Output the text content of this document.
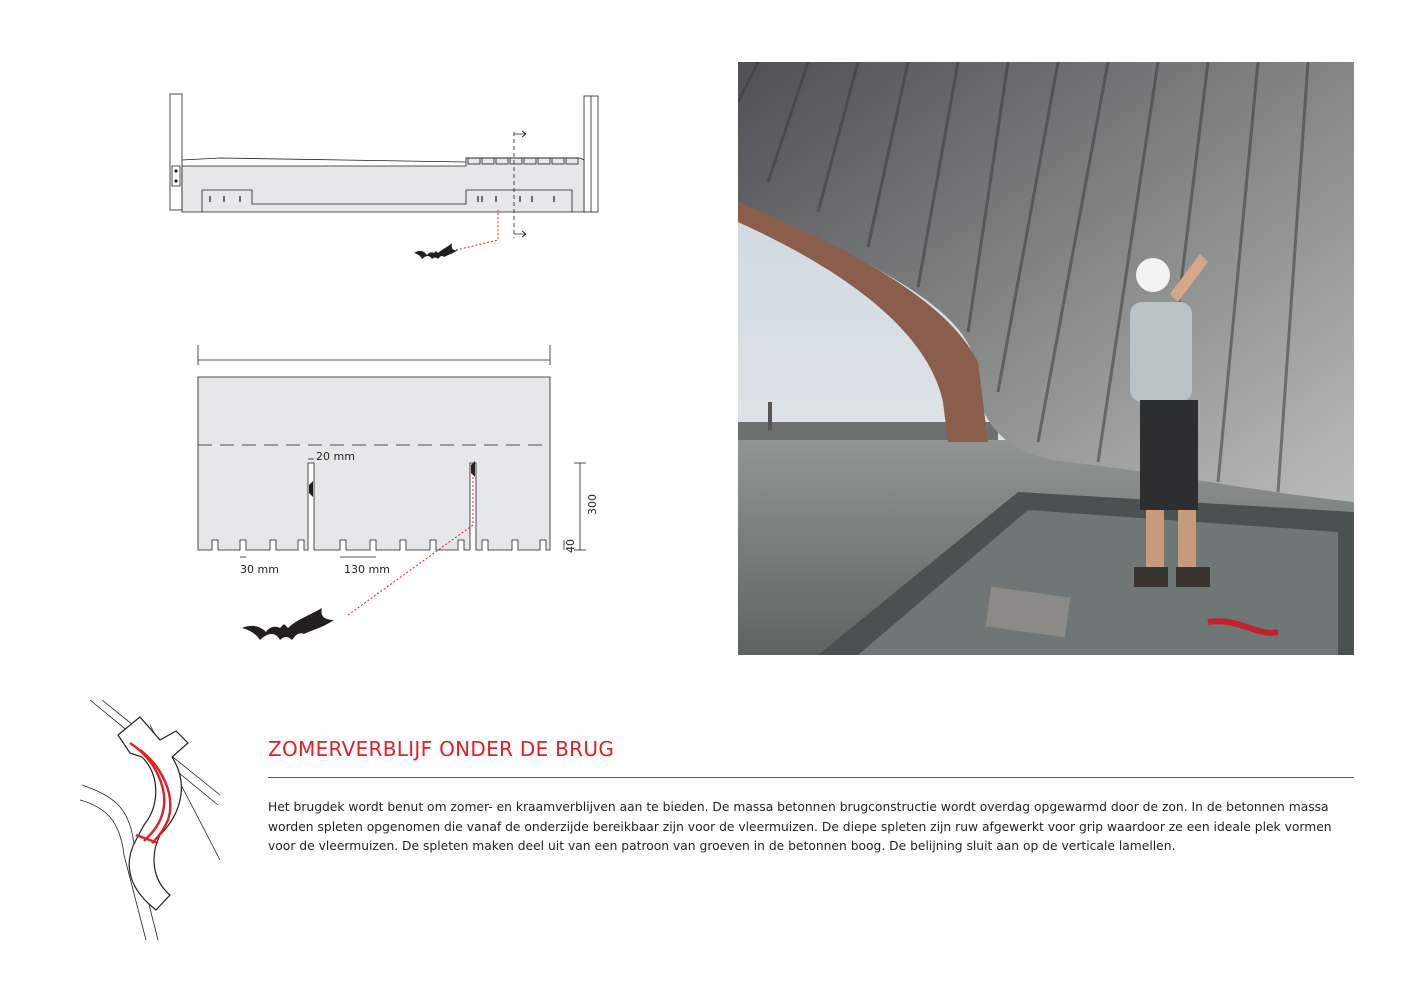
20 mm
30 mm	130 mm
300
40
ZOMERVERBLIJF ONDER DE BRUG
Het brugdek wordt benut om zomer- en kraamverblijven aan te bieden. De massa betonnen brugconstructie wordt overdag opgewarmd door de zon. In de betonnen massa worden spleten opgenomen die vanaf de onderzijde bereikbaar zijn voor de vleermuizen. De diepe spleten zijn ruw afgewerkt voor grip waardoor ze een ideale plek vormen voor de vleermuizen. De spleten maken deel uit van een patroon van groeven in de betonnen boog. De belijning sluit aan op de verticale lamellen.
